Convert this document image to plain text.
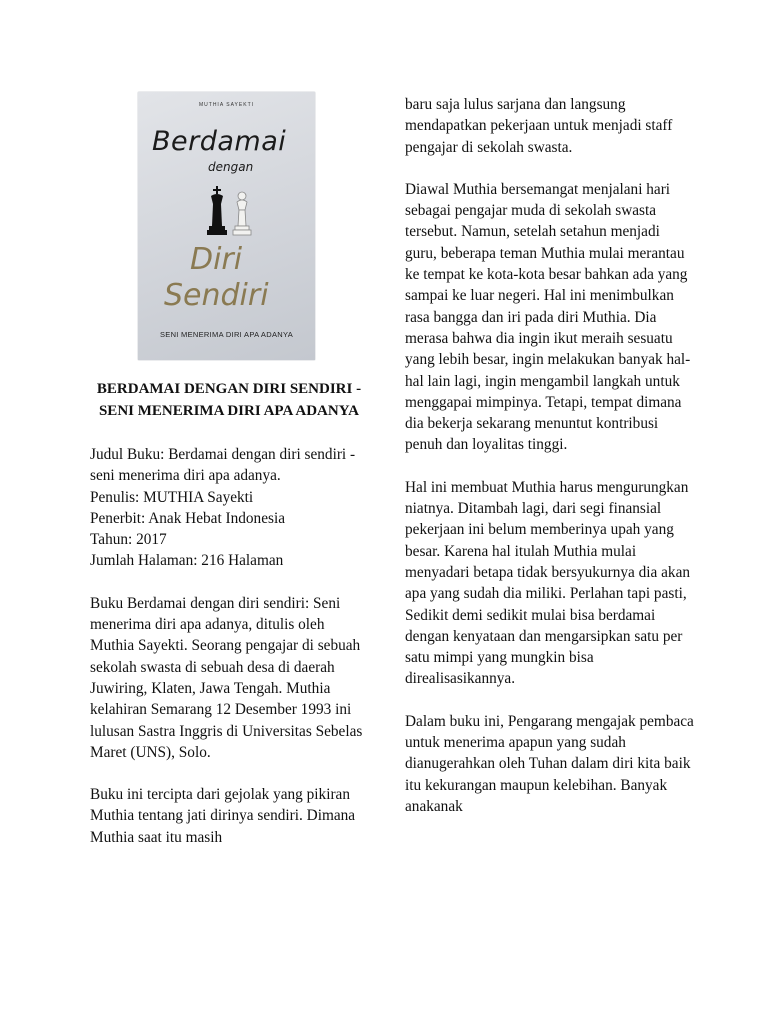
MUTHIA SAYEKTI
Berdamai
dengan
Diri
Sendiri
SENI MENERIMA DIRI APA ADANYA
BERDAMAI DENGAN DIRI SENDIRI - SENI MENERIMA DIRI APA ADANYA

Judul Buku: Berdamai dengan diri sendiri - seni menerima diri apa adanya.

Penulis: MUTHIA Sayekti

Penerbit: Anak Hebat Indonesia

Tahun: 2017

Jumlah Halaman: 216 Halaman

Buku Berdamai dengan diri sendiri: Seni menerima diri apa adanya, ditulis oleh Muthia Sayekti. Seorang pengajar di sebuah sekolah swasta di sebuah desa di daerah Juwiring, Klaten, Jawa Tengah. Muthia kelahiran Semarang 12 Desember 1993 ini lulusan Sastra Inggris di Universitas Sebelas Maret (UNS), Solo.

Buku ini tercipta dari gejolak yang pikiran Muthia tentang jati dirinya sendiri. Dimana Muthia saat itu masih

baru saja lulus sarjana dan langsung mendapatkan pekerjaan untuk menjadi staff pengajar di sekolah swasta.

Diawal Muthia bersemangat menjalani hari sebagai pengajar muda di sekolah swasta tersebut. Namun, setelah setahun menjadi guru, beberapa teman Muthia mulai merantau ke tempat ke kota-kota besar bahkan ada yang sampai ke luar negeri. Hal ini menimbulkan rasa bangga dan iri pada diri Muthia. Dia merasa bahwa dia ingin ikut meraih sesuatu yang lebih besar, ingin melakukan banyak hal-hal lain lagi, ingin mengambil langkah untuk menggapai mimpinya. Tetapi, tempat dimana dia bekerja sekarang menuntut kontribusi penuh dan loyalitas tinggi.

Hal ini membuat Muthia harus mengurungkan niatnya. Ditambah lagi, dari segi finansial pekerjaan ini belum memberinya upah yang besar. Karena hal itulah Muthia mulai menyadari betapa tidak bersyukurnya dia akan apa yang sudah dia miliki. Perlahan tapi pasti, Sedikit demi sedikit mulai bisa berdamai dengan kenyataan dan mengarsipkan satu per satu mimpi yang mungkin bisa direalisasikannya.

Dalam buku ini, Pengarang mengajak pembaca untuk menerima apapun yang sudah dianugerahkan oleh Tuhan dalam diri kita baik itu kekurangan maupun kelebihan. Banyak anakanak
